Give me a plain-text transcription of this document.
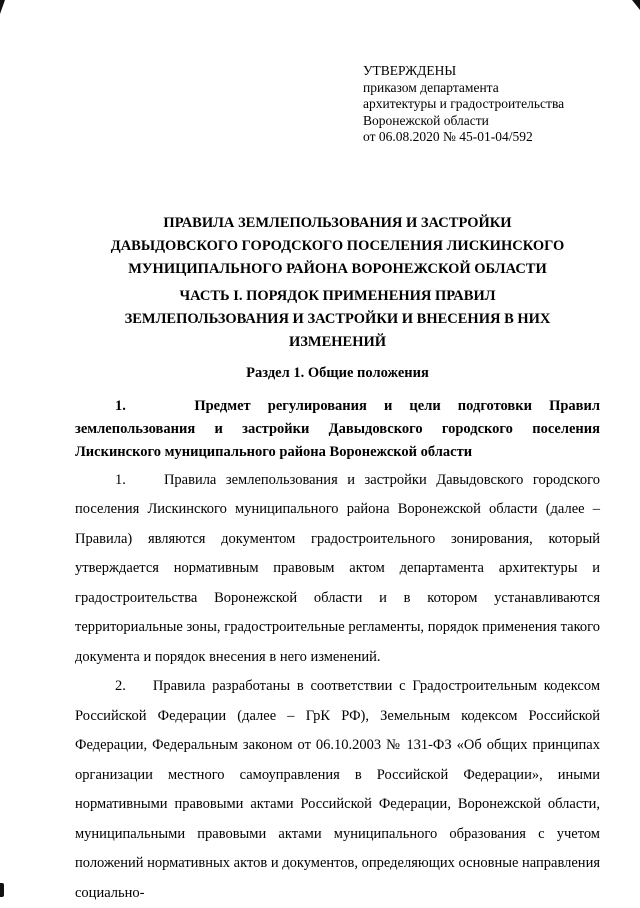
УТВЕРЖДЕНЫ
приказом департамента
архитектуры и градостроительства
Воронежской области
от 06.08.2020 № 45-01-04/592
ПРАВИЛА ЗЕМЛЕПОЛЬЗОВАНИЯ И ЗАСТРОЙКИ
ДАВЫДОВСКОГО ГОРОДСКОГО ПОСЕЛЕНИЯ ЛИСКИНСКОГО
МУНИЦИПАЛЬНОГО РАЙОНА ВОРОНЕЖСКОЙ ОБЛАСТИ
ЧАСТЬ I. ПОРЯДОК ПРИМЕНЕНИЯ ПРАВИЛ
ЗЕМЛЕПОЛЬЗОВАНИЯ И ЗАСТРОЙКИ И ВНЕСЕНИЯ В НИХ
ИЗМЕНЕНИЙ
Раздел 1. Общие положения

1.    Предмет регулирования и цели подготовки Правил землепользования и застройки Давыдовского городского поселения Лискинского муниципального района Воронежской области

1.    Правила землепользования и застройки Давыдовского городского поселения Лискинского муниципального района Воронежской области (далее – Правила) являются документом градостроительного зонирования, который утверждается нормативным правовым актом департамента архитектуры и градостроительства Воронежской области и в котором устанавливаются территориальные зоны, градостроительные регламенты, порядок применения такого документа и порядок внесения в него изменений.

2.    Правила разработаны в соответствии с Градостроительным кодексом Российской Федерации (далее – ГрК РФ), Земельным кодексом Российской Федерации, Федеральным законом от 06.10.2003 № 131-ФЗ «Об общих принципах организации местного самоуправления в Российской Федерации», иными нормативными правовыми актами Российской Федерации, Воронежской области, муниципальными правовыми актами муниципального образования с учетом положений нормативных актов и документов, определяющих основные направления социально-
